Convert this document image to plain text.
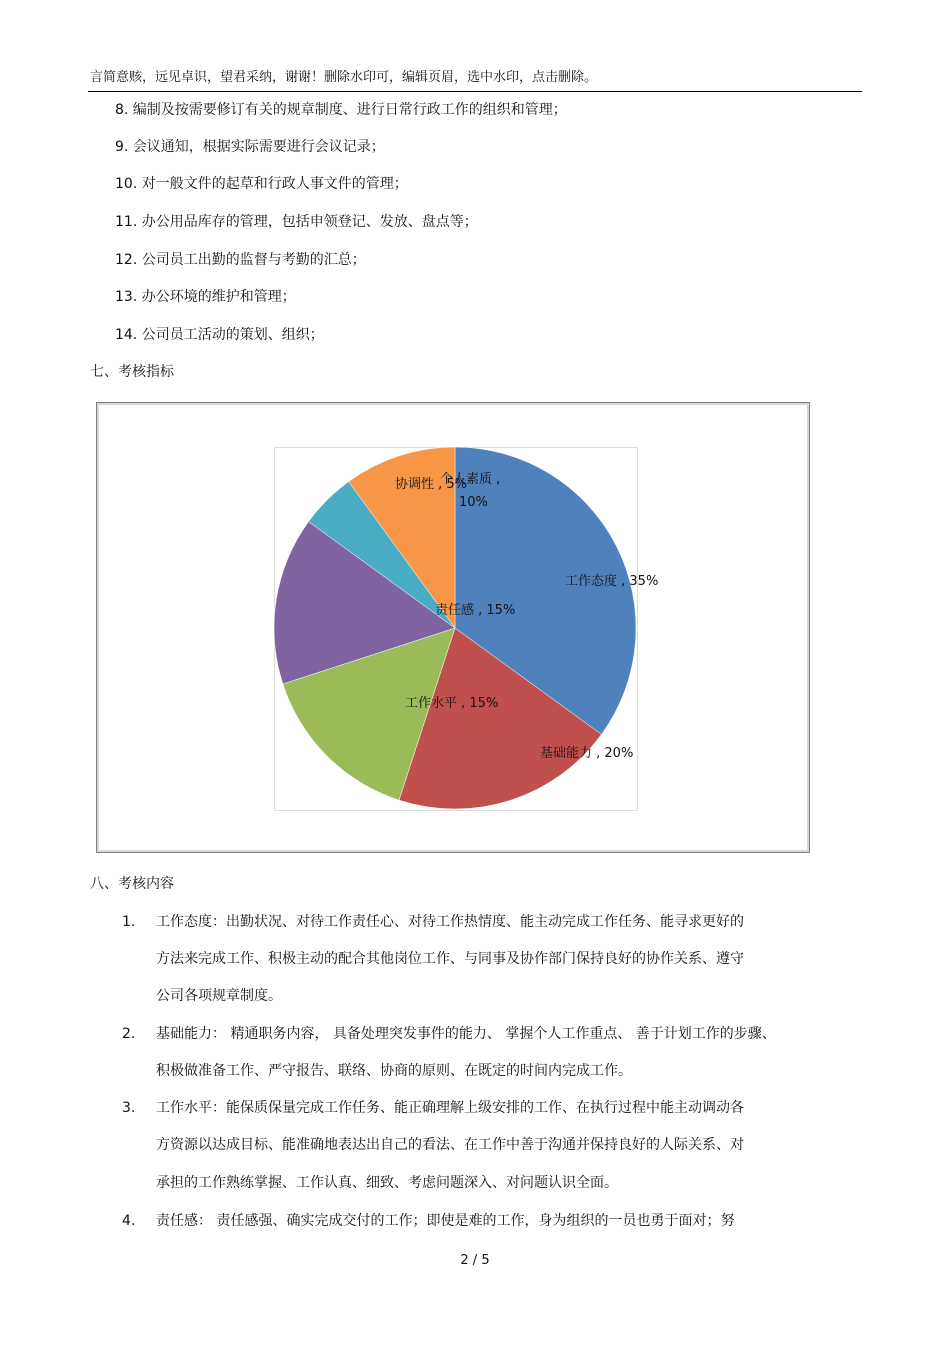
言简意赅，远见卓识，望君采纳，谢谢！删除水印可，编辑页眉，选中水印，点击删除。
8. 编制及按需要修订有关的规章制度、进行日常行政工作的组织和管理；
9. 会议通知，根据实际需要进行会议记录；
10. 对一般文件的起草和行政人事文件的管理；
11. 办公用品库存的管理，包括申领登记、发放、盘点等；
12. 公司员工出勤的监督与考勤的汇总；
13. 办公环境的维护和管理；
14. 公司员工活动的策划、组织；
七、考核指标
工作态度 , 35%
基础能力 , 20%
工作水平 , 15%
责任感 , 15%
协调性 , 5%
个人素质 , 10%
八、考核内容
1. 工作态度：出勤状况、对待工作责任心、对待工作热情度、能主动完成工作任务、能寻求更好的
方法来完成工作、积极主动的配合其他岗位工作、与同事及协作部门保持良好的协作关系、遵守
公司各项规章制度。
2. 基础能力： 精通职务内容， 具备处理突发事件的能力、 掌握个人工作重点、 善于计划工作的步骤、
积极做准备工作、严守报告、联络、协商的原则、在既定的时间内完成工作。
3. 工作水平：能保质保量完成工作任务、能正确理解上级安排的工作、在执行过程中能主动调动各
方资源以达成目标、能准确地表达出自己的看法、在工作中善于沟通并保持良好的人际关系、对
承担的工作熟练掌握、工作认真、细致、考虑问题深入、对问题认识全面。
4. 责任感： 责任感强、确实完成交付的工作；即使是难的工作，身为组织的一员也勇于面对；努
2 / 5
